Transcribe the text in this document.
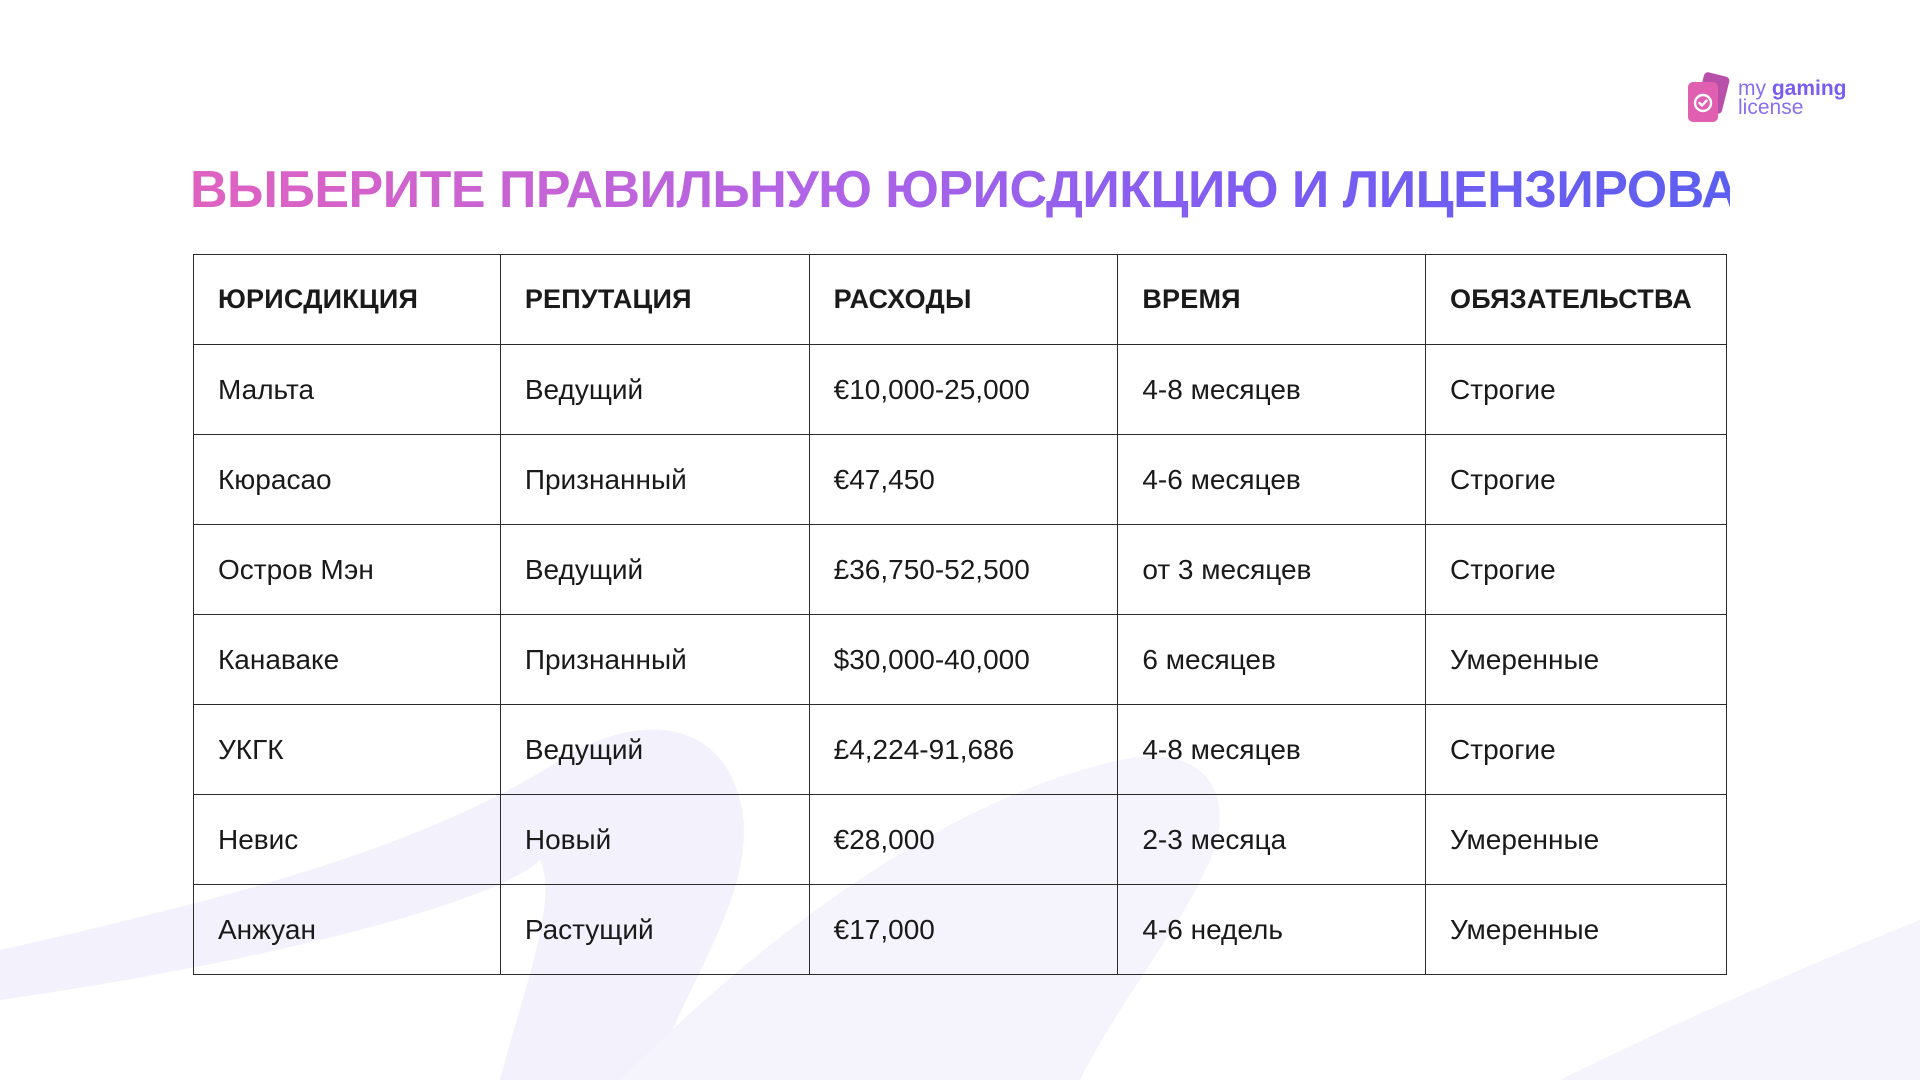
my gaming
license
ВЫБЕРИТЕ ПРАВИЛЬНУЮ ЮРИСДИКЦИЮ И ЛИЦЕНЗИРОВАНИЕ
ЮРИСДИКЦИЯ	РЕПУТАЦИЯ	РАСХОДЫ	ВРЕМЯ	ОБЯЗАТЕЛЬСТВА
Мальта	Ведущий	€10,000-25,000	4-8 месяцев	Строгие
Кюрасао	Признанный	€47,450	4-6 месяцев	Строгие
Остров Мэн	Ведущий	£36,750-52,500	от 3 месяцев	Строгие
Канаваке	Признанный	$30,000-40,000	6 месяцев	Умеренные
УКГК	Ведущий	£4,224-91,686	4-8 месяцев	Строгие
Невис	Новый	€28,000	2-3 месяца	Умеренные
Анжуан	Растущий	€17,000	4-6 недель	Умеренные
